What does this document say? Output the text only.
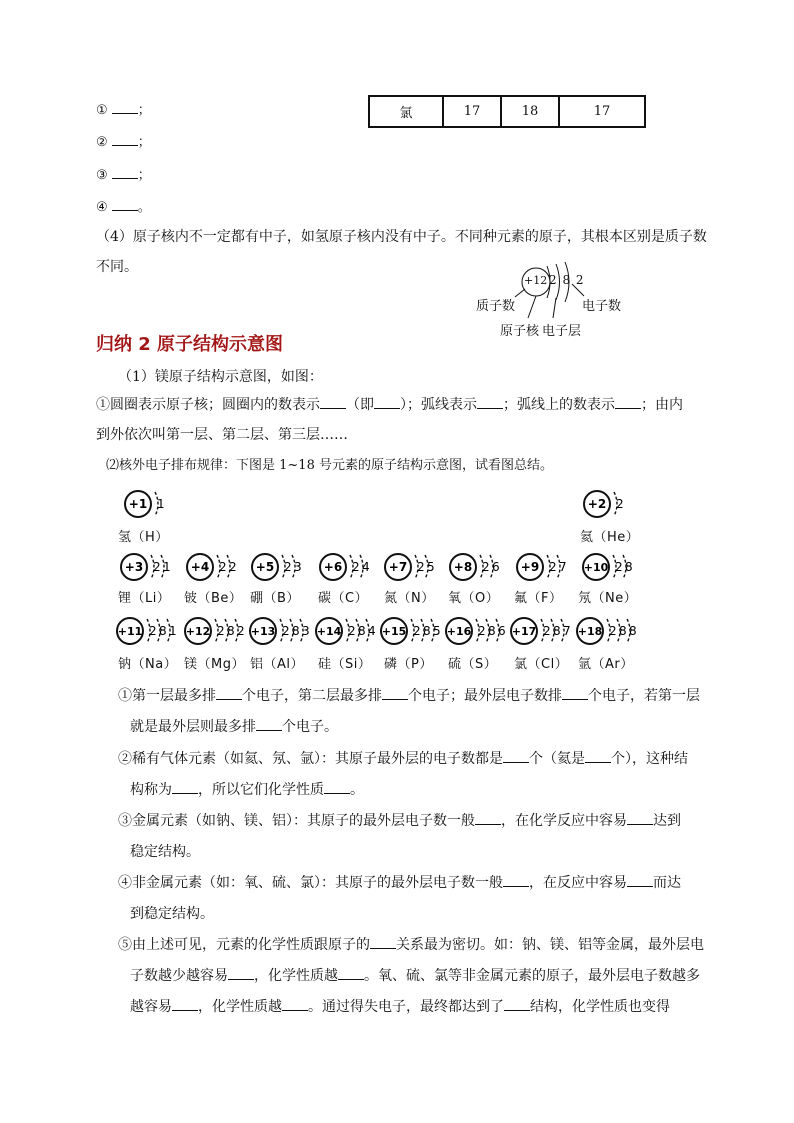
① ；
② ；
③ ；
④ 。
氯	17	18	17
（4）原子核内不一定都有中子，如氢原子核内没有中子。不同种元素的原子，其根本区别是质子数
不同。
+12 2 8 2
质子数	电子数
原子核 电子层
归纳 2 原子结构示意图
（1）镁原子结构示意图，如图：
①圆圈表示原子核；圆圈内的数表示 （即 ）；弧线表示 ；弧线上的数表示 ；由内
到外依次叫第一层、第二层、第三层……
⑵核外电子排布规律：下图是 1~18 号元素的原子结构示意图，试看图总结。
+1 1
氢（H）
+2 2
氦（He）
+3 2 1
锂（Li）
+4 2 2
铍（Be）
+5 2 3
硼（B）
+6 2 4
碳（C）
+7 2 5
氮（N）
+8 2 6
氧（O）
+9 2 7
氟（F）
+10 2 8
氖（Ne）
+11 2 8 1
钠（Na）
+12 2 8 2
镁（Mg）
+13 2 8 3
铝（Al）
+14 2 8 4
硅（Si）
+15 2 8 5
磷（P）
+16 2 8 6
硫（S）
+17 2 8 7
氯（Cl）
+18 2 8 8
氩（Ar）
①第一层最多排 个电子，第二层最多排 个电子；最外层电子数排 个电子，若第一层
就是最外层则最多排 个电子。
②稀有气体元素（如氦、氖、氩）：其原子最外层的电子数都是 个（氦是 个），这种结
构称为 ，所以它们化学性质 。
③金属元素（如钠、镁、铝）：其原子的最外层电子数一般 ，在化学反应中容易 达到
稳定结构。
④非金属元素（如：氧、硫、氯）：其原子的最外层电子数一般 ，在反应中容易 而达
到稳定结构。
⑤由上述可见，元素的化学性质跟原子的 关系最为密切。如：钠、镁、铝等金属，最外层电
子数越少越容易 ，化学性质越 。氧、硫、氯等非金属元素的原子，最外层电子数越多
越容易 ，化学性质越 。通过得失电子，最终都达到了 结构，化学性质也变得
